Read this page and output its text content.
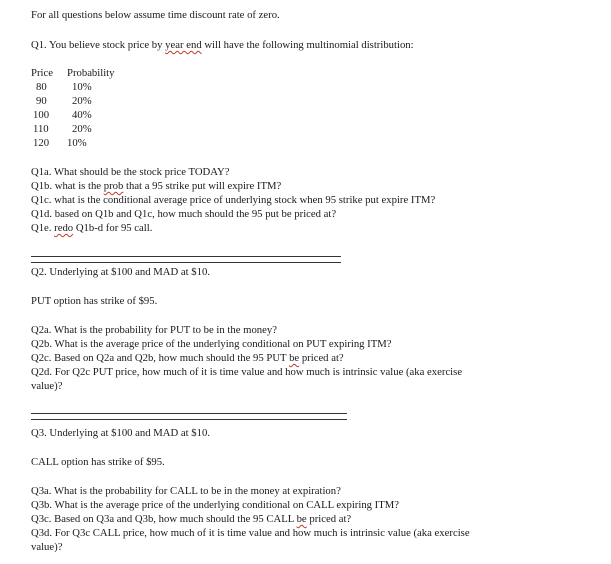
For all questions below assume time discount rate of zero.
Q1. You believe stock price by year end will have the following multinomial distribution:
Price Probability
80 10%
90 20%
100 40%
110 20%
120 10%
Q1a. What should be the stock price TODAY?
Q1b. what is the prob that a 95 strike put will expire ITM?
Q1c. what is the conditional average price of underlying stock when 95 strike put expire ITM?
Q1d. based on Q1b and Q1c, how much should the 95 put be priced at?
Q1e. redo Q1b-d for 95 call.
Q2. Underlying at $100 and MAD at $10.
PUT option has strike of $95.
Q2a. What is the probability for PUT to be in the money?
Q2b. What is the average price of the underlying conditional on PUT expiring ITM?
Q2c. Based on Q2a and Q2b, how much should the 95 PUT be priced at?
Q2d. For Q2c PUT price, how much of it is time value and how much is intrinsic value (aka exercise
value)?
Q3. Underlying at $100 and MAD at $10.
CALL option has strike of $95.
Q3a. What is the probability for CALL to be in the money at expiration?
Q3b. What is the average price of the underlying conditional on CALL expiring ITM?
Q3c. Based on Q3a and Q3b, how much should the 95 CALL be priced at?
Q3d. For Q3c CALL price, how much of it is time value and how much is intrinsic value (aka exercise
value)?
